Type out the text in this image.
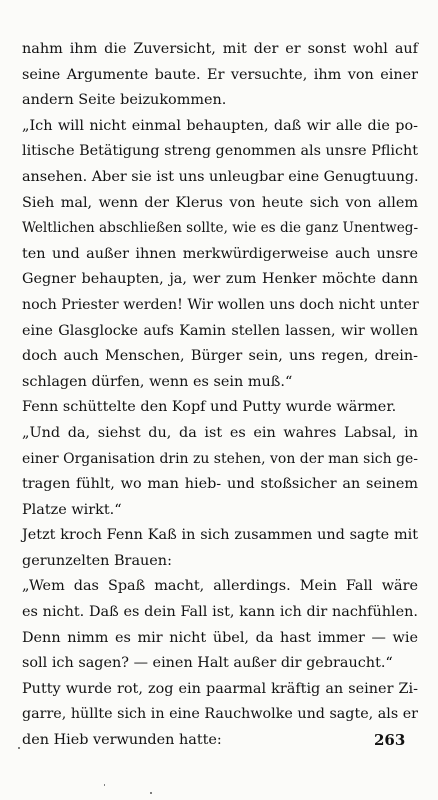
nahm ihm die Zuversicht, mit der er sonst wohl auf
seine Argumente baute. Er versuchte, ihm von einer
andern Seite beizukommen.
„Ich will nicht einmal behaupten, daß wir alle die po-
litische Betätigung streng genommen als unsre Pflicht
ansehen. Aber sie ist uns unleugbar eine Genugtuung.
Sieh mal, wenn der Klerus von heute sich von allem
Weltlichen abschließen sollte, wie es die ganz Unentweg-
ten und außer ihnen merkwürdigerweise auch unsre
Gegner behaupten, ja, wer zum Henker möchte dann
noch Priester werden! Wir wollen uns doch nicht unter
eine Glasglocke aufs Kamin stellen lassen, wir wollen
doch auch Menschen, Bürger sein, uns regen, drein-
schlagen dürfen, wenn es sein muß.“
Fenn schüttelte den Kopf und Putty wurde wärmer.
„Und da, siehst du, da ist es ein wahres Labsal, in
einer Organisation drin zu stehen, von der man sich ge-
tragen fühlt, wo man hieb- und stoßsicher an seinem
Platze wirkt.“
Jetzt kroch Fenn Kaß in sich zusammen und sagte mit
gerunzelten Brauen:
„Wem das Spaß macht, allerdings. Mein Fall wäre
es nicht. Daß es dein Fall ist, kann ich dir nachfühlen.
Denn nimm es mir nicht übel, da hast immer — wie
soll ich sagen? — einen Halt außer dir gebraucht.“
Putty wurde rot, zog ein paarmal kräftig an seiner Zi-
garre, hüllte sich in eine Rauchwolke und sagte, als er
den Hieb verwunden hatte:	263
